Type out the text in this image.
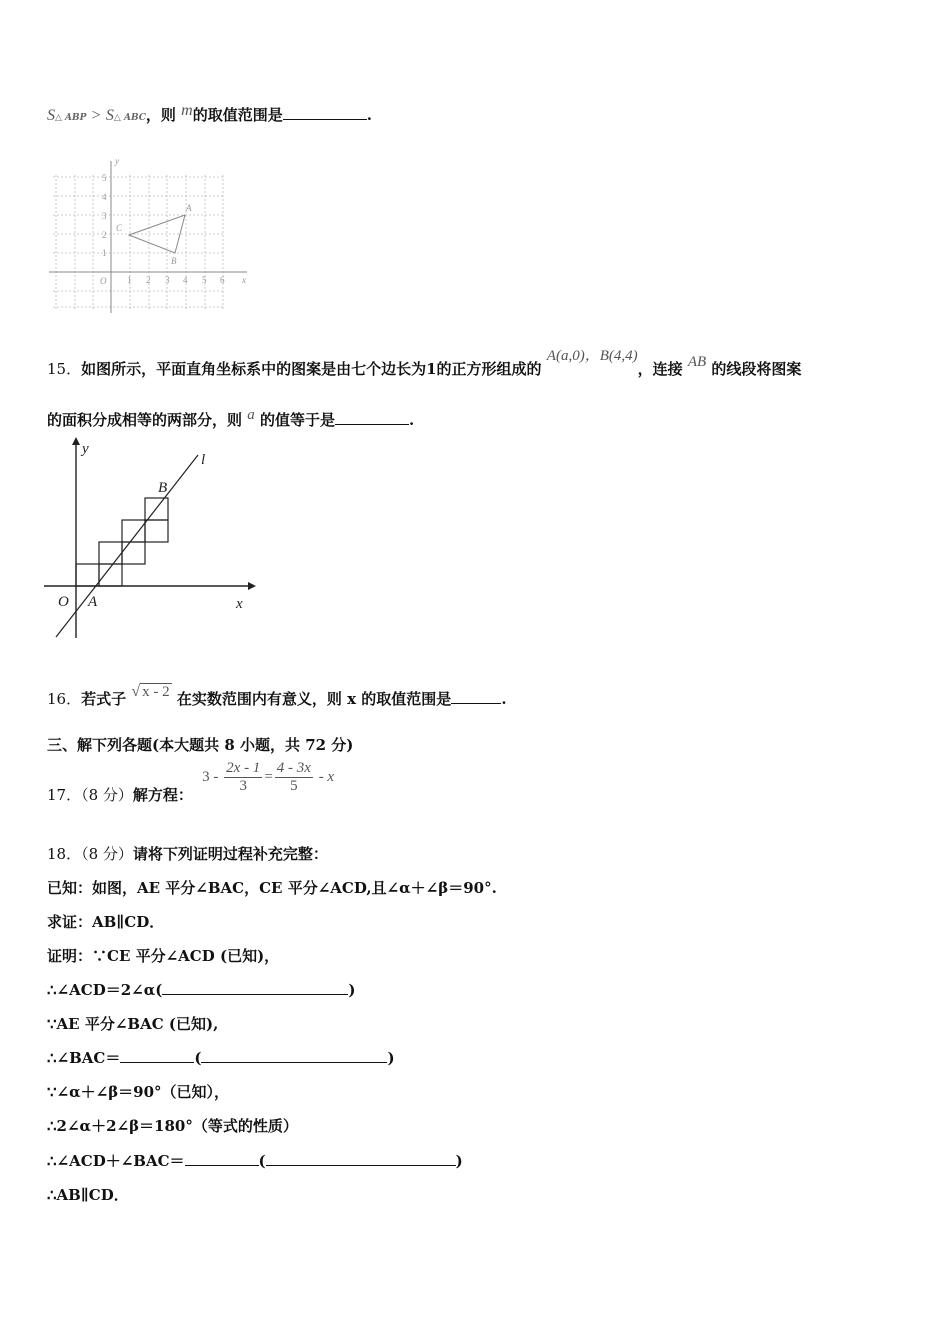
S△ ABP > S△ ABC，则 m的取值范围是	.
y
x
O
A
B
C
1 2 3 4 5 6
1
2
3
4
5
15．如图所示，平面直角坐标系中的图案是由七个边长为1的正方形组成的 A(a,0)，B(4,4)，连接 AB 的线段将图案
的面积分成相等的两部分，则 a 的值等于是	.
y
x
l
O A
B
16．若式子 √ x - 2 在实数范围内有意义，则 x 的取值范围是	.
三、解下列各题(本大题共 8 小题，共 72 分)
17．（8 分）解方程： $3 - \frac{2x - 1}{3} = \frac{4 - 3x}{5} - x$
18．（8 分）请将下列证明过程补充完整：
已知：如图，AE 平分∠BAC，CE 平分∠ACD,且∠α＋∠β＝90°.
求证：AB∥CD．
证明：∵CE 平分∠ACD (已知)，
∴∠ACD＝2∠α(	)
∵AE 平分∠BAC (已知),
∴∠BAC＝	(	)
∵∠α＋∠β＝90°（已知），
∴2∠α＋2∠β＝180°（等式的性质）
∴∠ACD＋∠BAC＝	(	)
∴AB∥CD．
